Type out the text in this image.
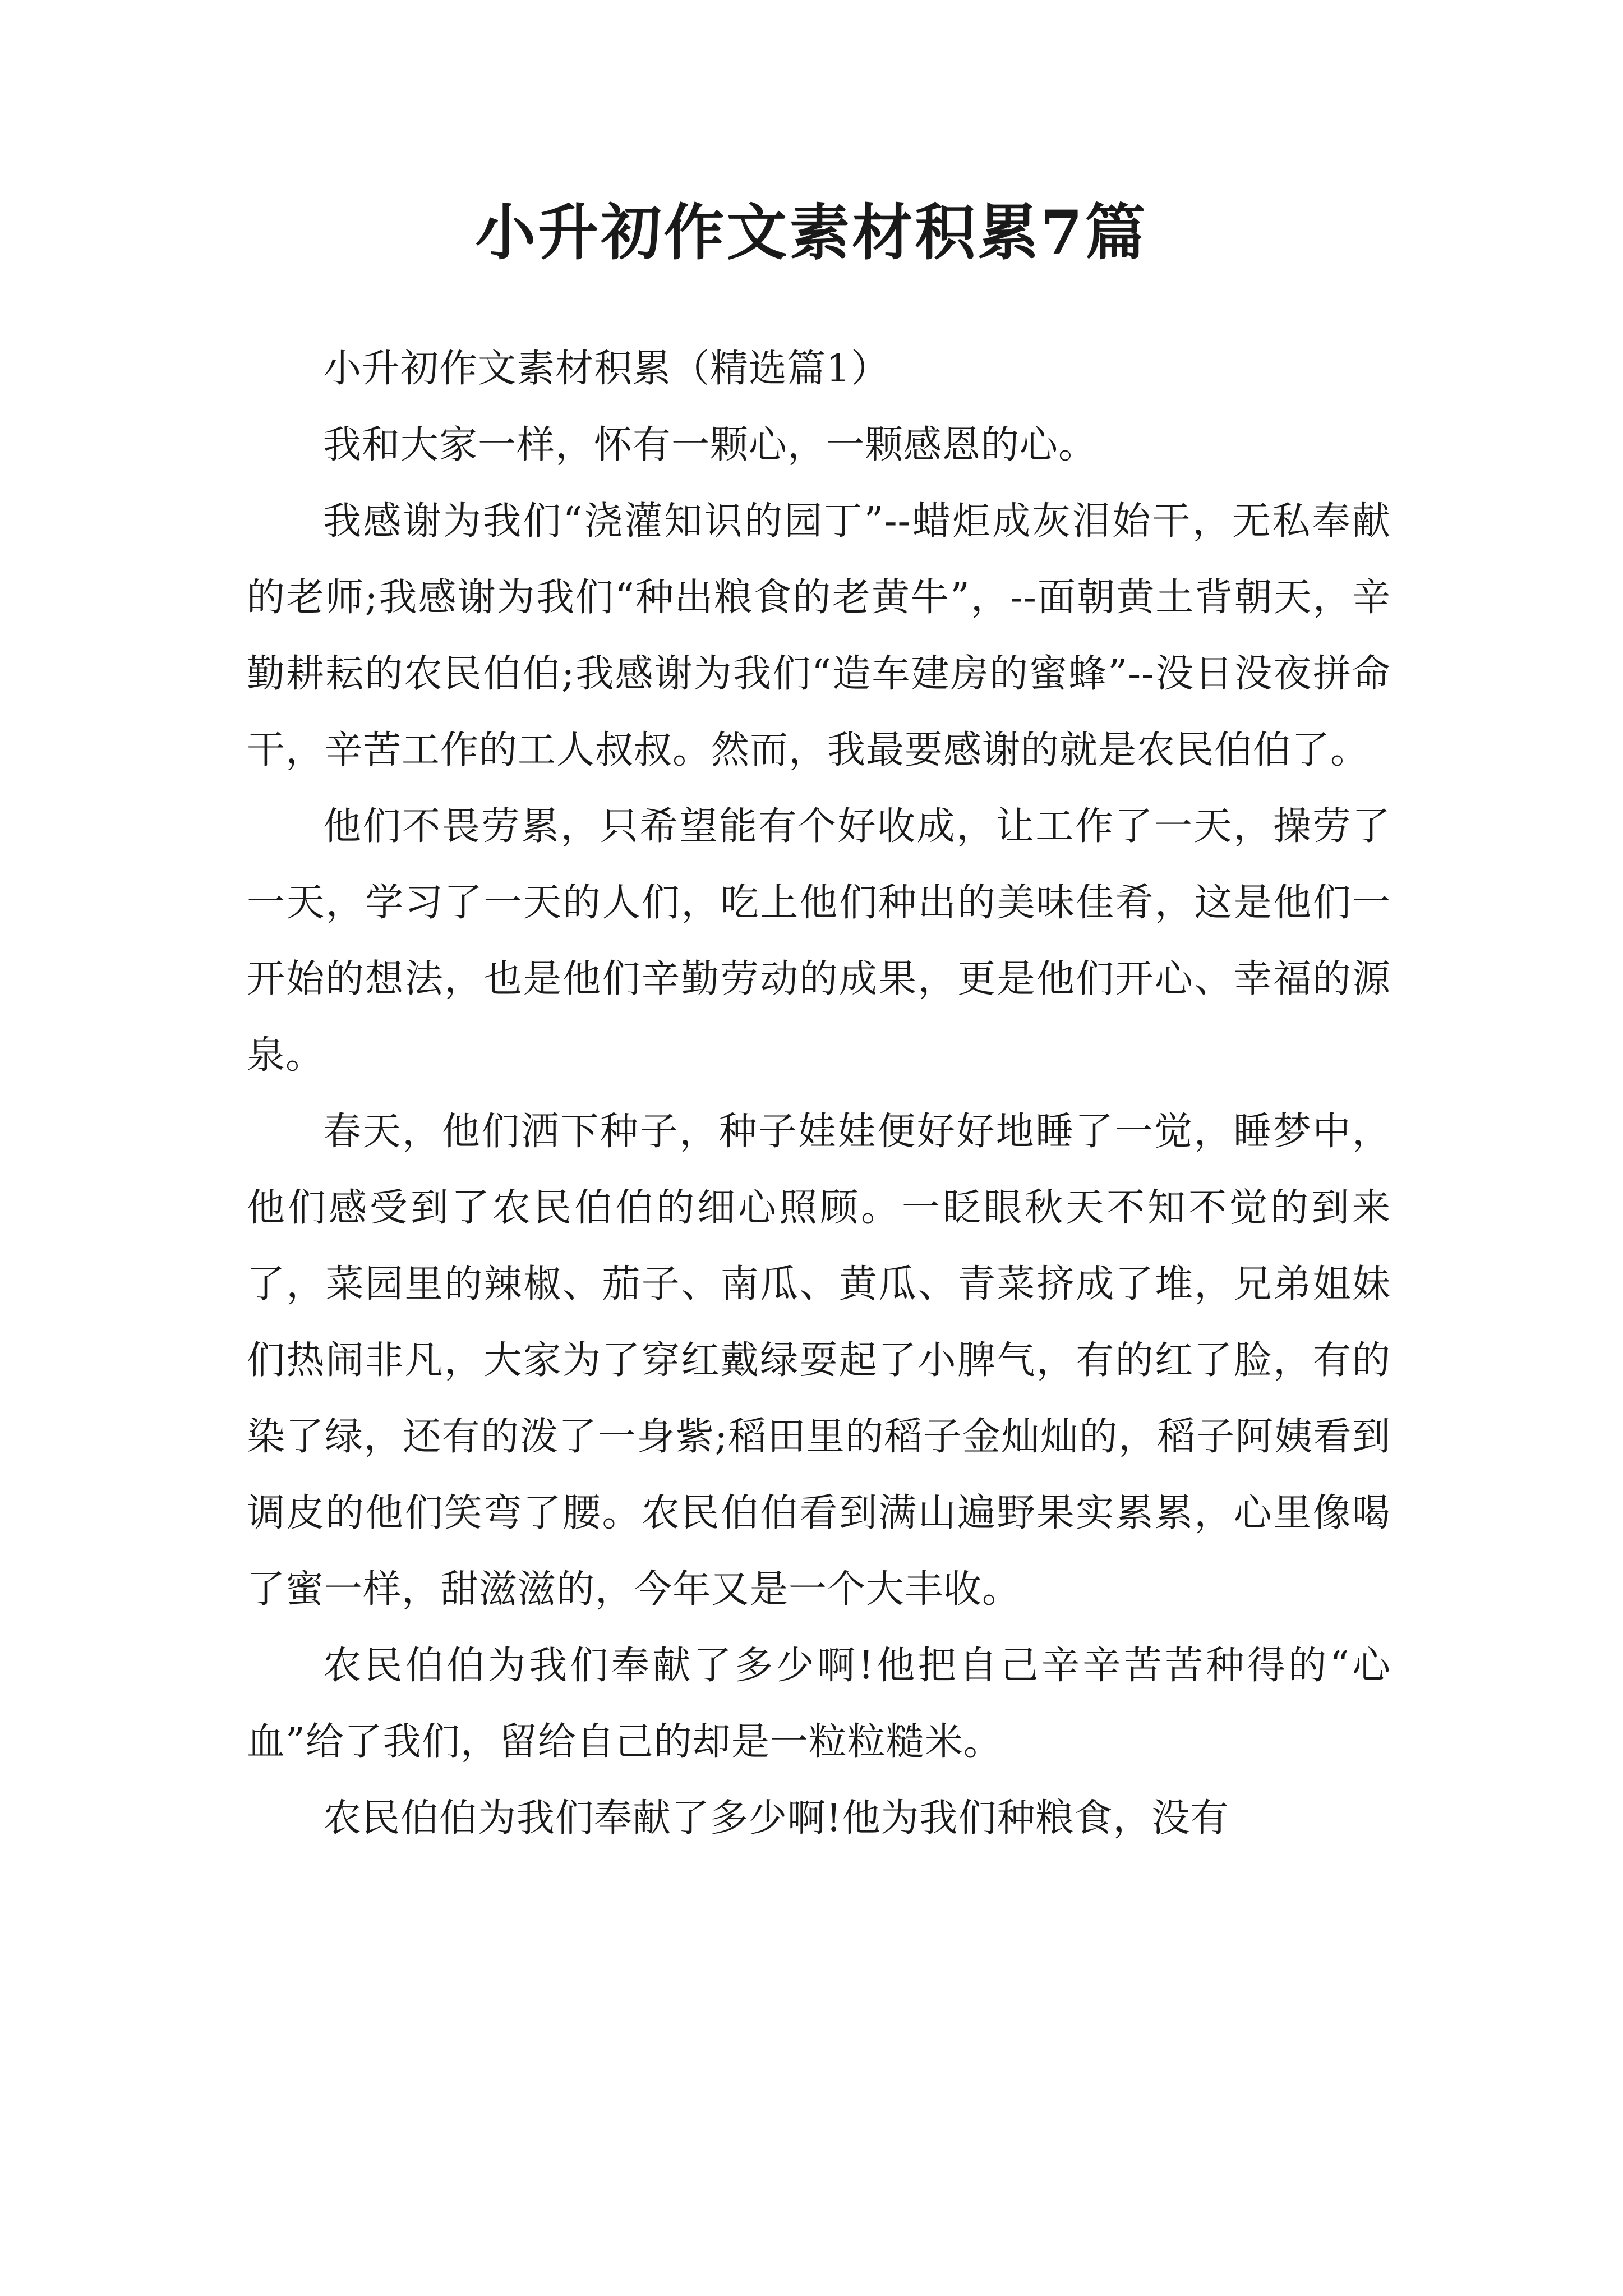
小升初作文素材积累7篇

小升初作文素材积累（精选篇1）

我和大家一样，怀有一颗心，一颗感恩的心。

我感谢为我们“浇灌知识的园丁”--蜡炬成灰泪始干，无私奉献的老师;我感谢为我们“种出粮食的老黄牛”，--面朝黄土背朝天，辛勤耕耘的农民伯伯;我感谢为我们“造车建房的蜜蜂”--没日没夜拼命干，辛苦工作的工人叔叔。然而，我最要感谢的就是农民伯伯了。

他们不畏劳累，只希望能有个好收成，让工作了一天，操劳了一天，学习了一天的人们，吃上他们种出的美味佳肴，这是他们一开始的想法，也是他们辛勤劳动的成果，更是他们开心、幸福的源泉。

春天，他们洒下种子，种子娃娃便好好地睡了一觉，睡梦中，他们感受到了农民伯伯的细心照顾。一眨眼秋天不知不觉的到来了，菜园里的辣椒、茄子、南瓜、黄瓜、青菜挤成了堆，兄弟姐妹们热闹非凡，大家为了穿红戴绿耍起了小脾气，有的红了脸，有的染了绿，还有的泼了一身紫;稻田里的稻子金灿灿的，稻子阿姨看到调皮的他们笑弯了腰。农民伯伯看到满山遍野果实累累，心里像喝了蜜一样，甜滋滋的，今年又是一个大丰收。

农民伯伯为我们奉献了多少啊!他把自己辛辛苦苦种得的“心血”给了我们，留给自己的却是一粒粒糙米。

农民伯伯为我们奉献了多少啊!他为我们种粮食，没有
